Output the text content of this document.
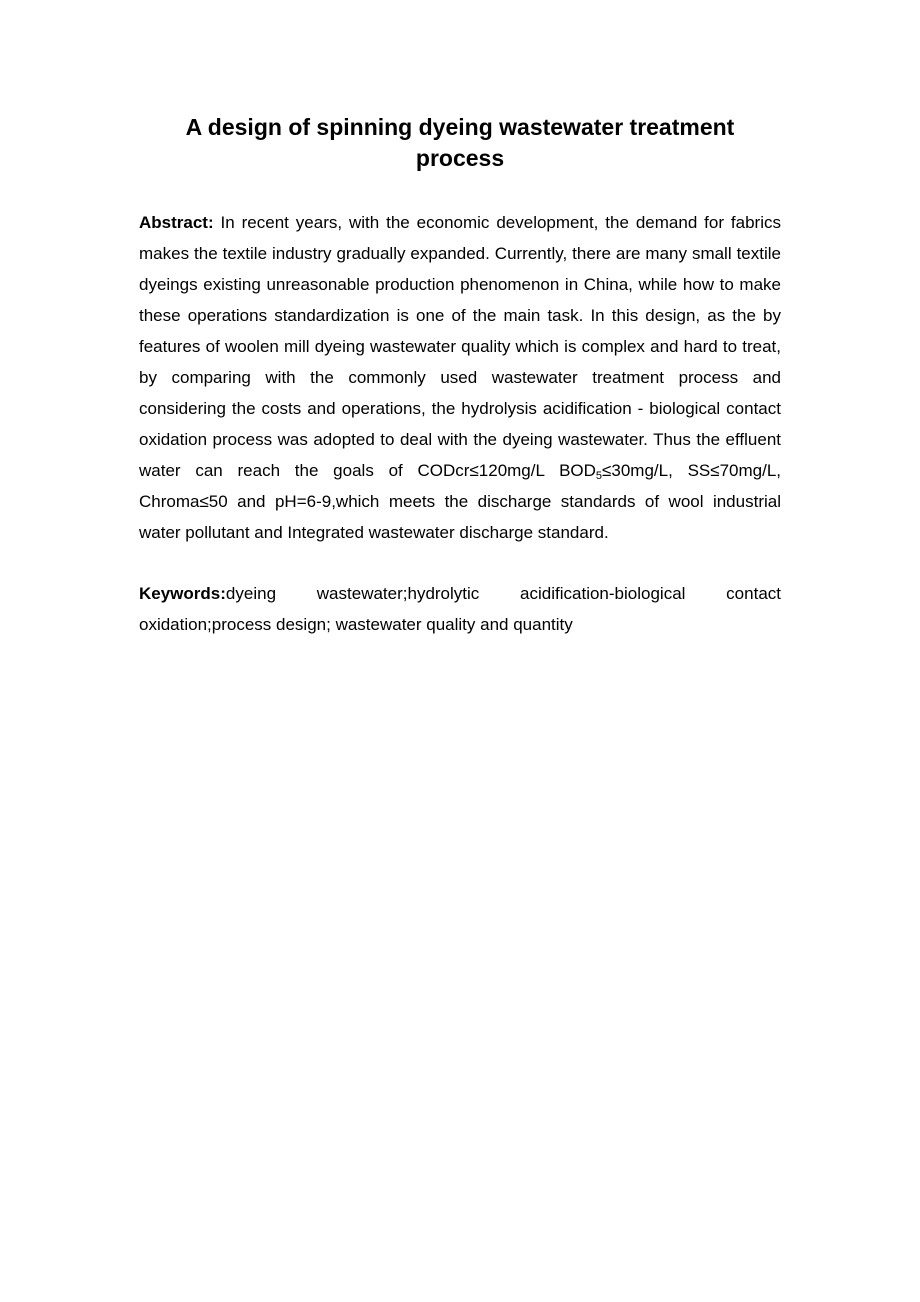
A design of spinning dyeing wastewater treatment process

Abstract: In recent years, with the economic development, the demand for fabrics makes the textile industry gradually expanded. Currently, there are many small textile dyeings existing unreasonable production phenomenon in China, while how to make these operations standardization is one of the main task. In this design, as the by features of woolen mill dyeing wastewater quality which is complex and hard to treat, by comparing with the commonly used wastewater treatment process and considering the costs and operations, the hydrolysis acidification - biological contact oxidation process was adopted to deal with the dyeing wastewater. Thus the effluent water can reach the goals of CODcr≤120mg/L $BOD_5\le 30mg/L$, SS≤70mg/L, Chroma≤50 and pH=6-9,which meets the discharge standards of wool industrial water pollutant and Integrated wastewater discharge standard.

Keywords:dyeing wastewater;hydrolytic acidification-biological contact oxidation;process design; wastewater quality and quantity
